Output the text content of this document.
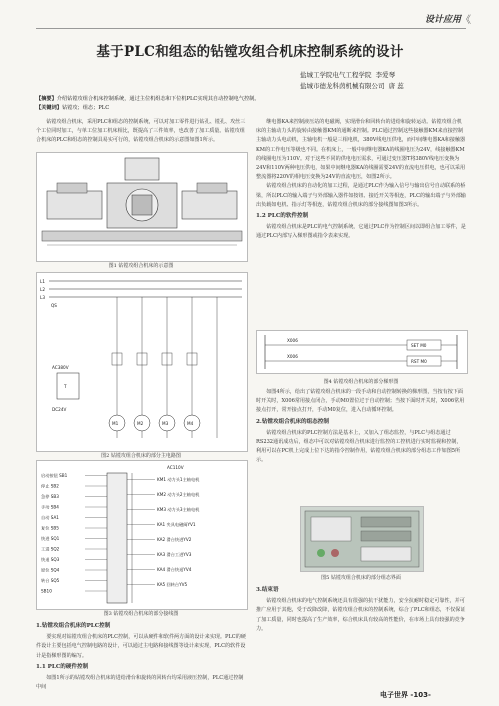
设计应用 《
基于PLC和组态的钻镗攻组合机床控制系统的设计
盐城工学院电气工程学院 李爱琴
盐城市德龙科茵机械有限公司 唐 蕊
【摘要】介绍钻镗攻组合机床控制系统，通过主位机组态和下位机PLC实现其自动控制电气控制。
【关键词】钻镗攻；组态；PLC

钻镗攻组合机床，采用PLC和组态的控制系统，可以对加工零件进行钻孔、镗孔、攻丝三个工位同时加工，与单工位加工机床相比，既提高了三件效率，也改善了加工质量。钻镗攻组合机床的PLC和组态的控制具易实可行的，钻镗攻组合机床的示意图如图1所示。

图1 钻镗攻组合机床的示意图
L1
L2
L3
QS
M1	M2	M3	M4
T
AC380V
DC24V
图2 钻镗攻组合机床的部分主电路图
AC110V
启动按钮 SB1
停止 SB2
急停 SB3
手动 SB4
自动 SA1
复位 SB5
快进 SQ1
工进 SQ2
快退 SQ3
原位 SQ4
转台 SQ5
SB10
KM1 动力头1主轴电机
KM2 动力头2主轴电机
KM3 动力头3主轴电机
KA1 夹具电磁阀YV1
KA2 滑台快进YV2
KA3 滑台工进YV3
KA4 滑台快退YV4
KA5 回转台YV5
图3 钻镗攻组合机床的部分接线图
1.钻镗攻组合机床的PLC控制

要实现对钻镗攻组合机床的PLC控制，可以从硬件和软件两方面的设计来实现。PLC的硬件设计主要包括电气控制电路的设计，可以通过主电路和接线图等设计来实现，PLC的软件设计是指梯形图的编写。

1.1 PLC的硬件控制

如图1所示的钻镗攻组合机床的进给滑台和旋转的回转台均采用液压控制，PLC通过控制中间

继电器KA来控制液压站的电磁阀，实现滑台和回转台的进给和旋转运动。钻镗攻组合机床的主轴动力头的旋转由接触器KM的通断来控制。PLC通过控制这些接触器KM来直接控制主轴动力头电动机，主轴电机一般是三相电机，380V线电压供电，而中间继电器KA和接触器KM的工作电压等级也不同。在机床上，一般中间继电器KA的线圈电压为24V，线接触器KM的线圈电压为110V。对于这些不同的供电电压需求，可通过变压器T将380V线电压变换为24V和110V两种电压供电，如果中间继电器KA的线圈需要24V的直流电压供电，也可以采用整流器将220V的相电压变换为24V的直流电压，如图2所示。

钻镗攻组合机床的自动化的加工过程，是通过PLC作为输入信号与输出信号自动联系的桥梁，所以PLC的输入端子与外部输入器件如按钮、接近开关等相连，PLC的输出端子与外部输出负载如电机、指示灯等相连，钻镗攻组合机床的部分接线图如图3所示。

1.2 PLC的软件控制

钻镗攻组合机床是PLC的电气控制系统，它通过PLC作为控制区间以即组合加工零件，是通过PLC内部写入梯形图或指令表来实现。

X006
X006
SET M0
RST M0
图4 钻镗攻组合机床的部分梯形图

如图4所示，给出了钻镗攻组合机床的一段手动和自动控制转换的梯形图，当按有按下面时开关时，X006常用接点闭合，手动M0置位过于自动控制；当按下面时开关时，X006常用接点打开，常开接点打开，手动M0复位，进入自动循环控制。

2.钻镗攻组合机床的组态控制

钻镗攻组合机床的PLC控制方法是基本上，又加入了组态监控，与PLC与组态通过RS232通讯成功后，组态中可以对钻镗攻组合机床进行监控的工控机进行实时监视和控制，利用可以在PC机上完成上位下达的指令控制作用，钻镗攻组合机床的部分组态工作如图5所示。

图5 钻镗攻组合机床的部分组态界面
3.结束语

钻镗攻组合机床的电气控制系统还具有很强的抗干扰能力，安全抗耐时稳定可靠性，并可推广应用于其他，受于改降改降，钻镗攻组合机床的控制系统，综合了PLC和组态，不仅保证了加工质量，同时也提高了生产效率，综合机床具有较高的性能价，在市场上具有较强的竞争力。

电子世界 -103-
